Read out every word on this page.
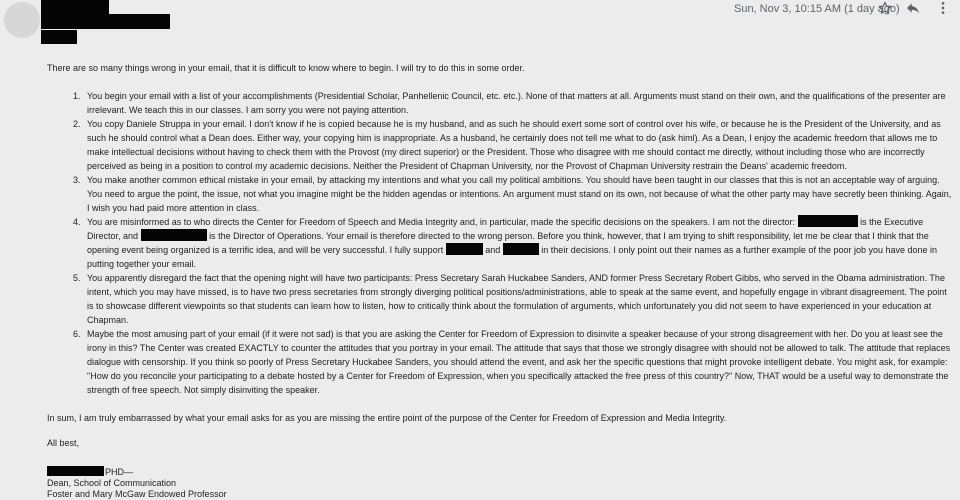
Sun, Nov 3, 10:15 AM (1 day ago)

There are so many things wrong in your email, that it is difficult to know where to begin. I will try to do this in some order.

1. You begin your email with a list of your accomplishments (Presidential Scholar, Panhellenic Council, etc. etc.). None of that matters at all. Arguments must stand on their own, and the qualifications of the presenter are irrelevant. We teach this in our classes. I am sorry you were not paying attention.
2. You copy Daniele Struppa in your email. I don't know if he is copied because he is my husband, and as such he should exert some sort of control over his wife, or because he is the President of the University, and as such he should control what a Dean does. Either way, your copying him is inappropriate. As a husband, he certainly does not tell me what to do (ask himl). As a Dean, I enjoy the academic freedom that allows me to make intellectual decisions without having to check them with the Provost (my direct superior) or the President. Those who disagree with me should contact me directly, without including those who are incorrectly perceived as being in a position to control my academic decisions. Neither the President of Chapman University, nor the Provost of Chapman University restrain the Deans' academic freedom.
3. You make another common ethical mistake in your email, by attacking my intentions and what you call my political ambitions. You should have been taught in our classes that this is not an acceptable way of arguing. You need to argue the point, the issue, not what you imagine might be the hidden agendas or intentions. An argument must stand on its own, not because of what the other party may have secretly been thinking. Again, I wish you had paid more attention in class.
4. You are misinformed as to who directs the Center for Freedom of Speech and Media Integrity and, in particular, made the specific decisions on the speakers. I am not the director:	is the Executive Director, and	is the Director of Operations. Your email is therefore directed to the wrong person. Before you think, however, that I am trying to shift responsibility, let me be clear that I think that the opening event being organized is a terrific idea, and will be very successful. I fully support	and	in their decisions. I only point out their names as a further example of the poor job you have done in putting together your email.
5. You apparently disregard the fact that the opening night will have two participants: Press Secretary Sarah Huckabee Sanders, AND former Press Secretary Robert Gibbs, who served in the Obama administration. The intent, which you may have missed, is to have two press secretaries from strongly diverging political positions/administrations, able to speak at the same event, and hopefully engage in vibrant disagreement. The point is to showcase different viewpoints so that students can learn how to listen, how to critically think about the formulation of arguments, which unfortunately you did not seem to have experienced in your education at Chapman.
6. Maybe the most amusing part of your email (if it were not sad) is that you are asking the Center for Freedom of Expression to disinvite a speaker because of your strong disagreement with her. Do you at least see the irony in this? The Center was created EXACTLY to counter the attitudes that you portray in your email. The attitude that says that those we strongly disagree with should not be allowed to talk. The attitude that replaces dialogue with censorship. If you think so poorly of Press Secretary Huckabee Sanders, you should attend the event, and ask her the specific questions that might provoke intelligent debate. You might ask, for example: "How do you reconcile your participating to a debate hosted by a Center for Freedom of Expression, when you specifically attacked the free press of this country?" Now, THAT would be a useful way to demonstrate the strength of free speech. Not simply disinviting the speaker.

In sum, I am truly embarrassed by what your email asks for as you are missing the entire point of the purpose of the Center for Freedom of Expression and Media Integrity.

All best,

PHD—
Dean, School of Communication
Foster and Mary McGaw Endowed Professor
